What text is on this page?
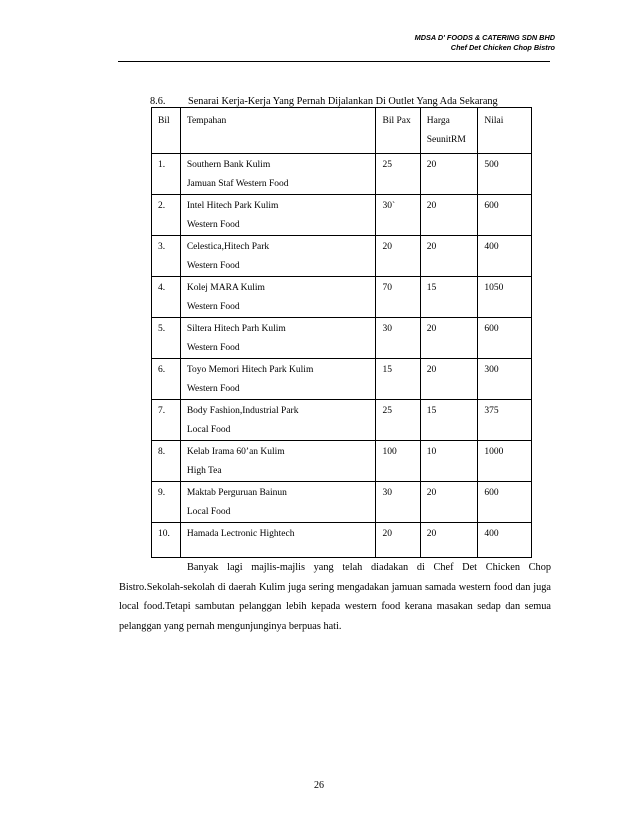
MDSA D' FOODS & CATERING SDN BHD
Chef Det Chicken Chop Bistro
8.6. Senarai Kerja-Kerja Yang Pernah Dijalankan Di Outlet Yang Ada Sekarang
Bil	Tempahan	Bil Pax	Harga
SeunitRM	Nilai
1.	Southern Bank Kulim
Jamuan Staf Western Food	25	20	500
2.	Intel Hitech Park Kulim
Western Food	30`	20	600
3.	Celestica,Hitech Park
Western Food	20	20	400
4.	Kolej MARA Kulim
Western Food	70	15	1050
5.	Siltera Hitech Parh Kulim
Western Food	30	20	600
6.	Toyo Memori Hitech Park Kulim
Western Food	15	20	300
7.	Body Fashion,Industrial Park
Local Food	25	15	375
8.	Kelab Irama 60’an Kulim
High Tea	100	10	1000
9.	Maktab Perguruan Bainun
Local Food	30	20	600
10.	Hamada Lectronic Hightech	20	20	400
Banyak lagi majlis-majlis yang telah diadakan di Chef Det Chicken Chop Bistro.Sekolah-sekolah di daerah Kulim juga sering mengadakan jamuan samada western food dan juga local food.Tetapi sambutan pelanggan lebih kepada western food kerana masakan sedap dan semua pelanggan yang pernah mengunjunginya berpuas hati.
26
